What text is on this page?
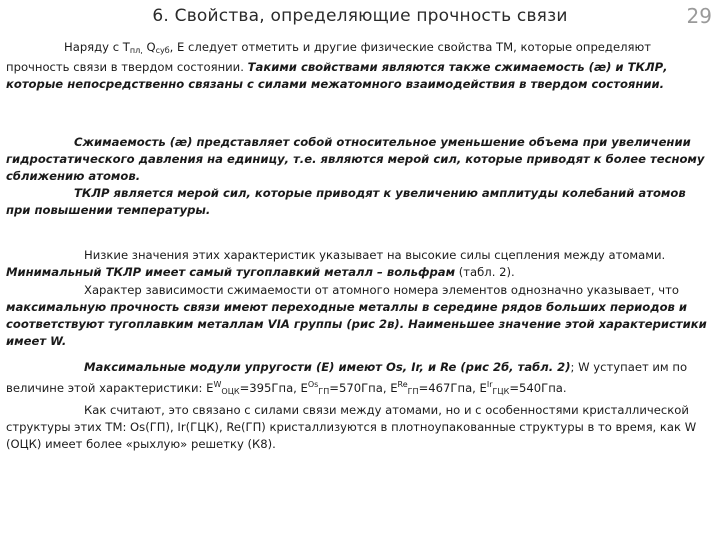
6. Свойства, определяющие прочность связи	29

Наряду с $T_{пл,}$ $Q_{суб}$, E следует отметить и другие физические свойства ТМ, которые определяют прочность связи в твердом состоянии. Такими свойствами являются также сжимаемость (æ) и ТКЛР, которые непосредственно связаны с силами межатомного взаимодействия в твердом состоянии.

Сжимаемость (æ) представляет собой относительное уменьшение объема при увеличении гидростатического давления на единицу, т.е. являются мерой сил, которые приводят к более тесному сближению атомов.

ТКЛР является мерой сил, которые приводят к увеличению амплитуды колебаний атомов при повышении температуры.

Низкие значения этих характеристик указывает на высокие силы сцепления между атомами. Минимальный ТКЛР имеет самый тугоплавкий металл – вольфрам (табл. 2).

Характер зависимости сжимаемости от атомного номера элементов однозначно указывает, что максимальную прочность связи имеют переходные металлы в середине рядов больших периодов и соответствуют тугоплавким металлам VIA группы (рис 2в). Наименьшее значение этой характеристики имеет W.

Максимальные модули упругости (Е) имеют Os, Ir, и Re (рис 2б, табл. 2); W уступает им по величине этой характеристики: $E^W_{ОЦК}=395Гпа$, $E^{Os}_{ГП}=570Гпа$, $E^{Re}_{ГП}=467Гпа$, $E^{Ir}_{ГЦК}=540Гпа$.

Как считают, это связано с силами связи между атомами, но и с особенностями кристаллической структуры этих ТМ: Os(ГП), Ir(ГЦК), Re(ГП) кристаллизуются в плотноупакованные структуры в то время, как W (ОЦК) имеет более «рыхлую» решетку (К8).
